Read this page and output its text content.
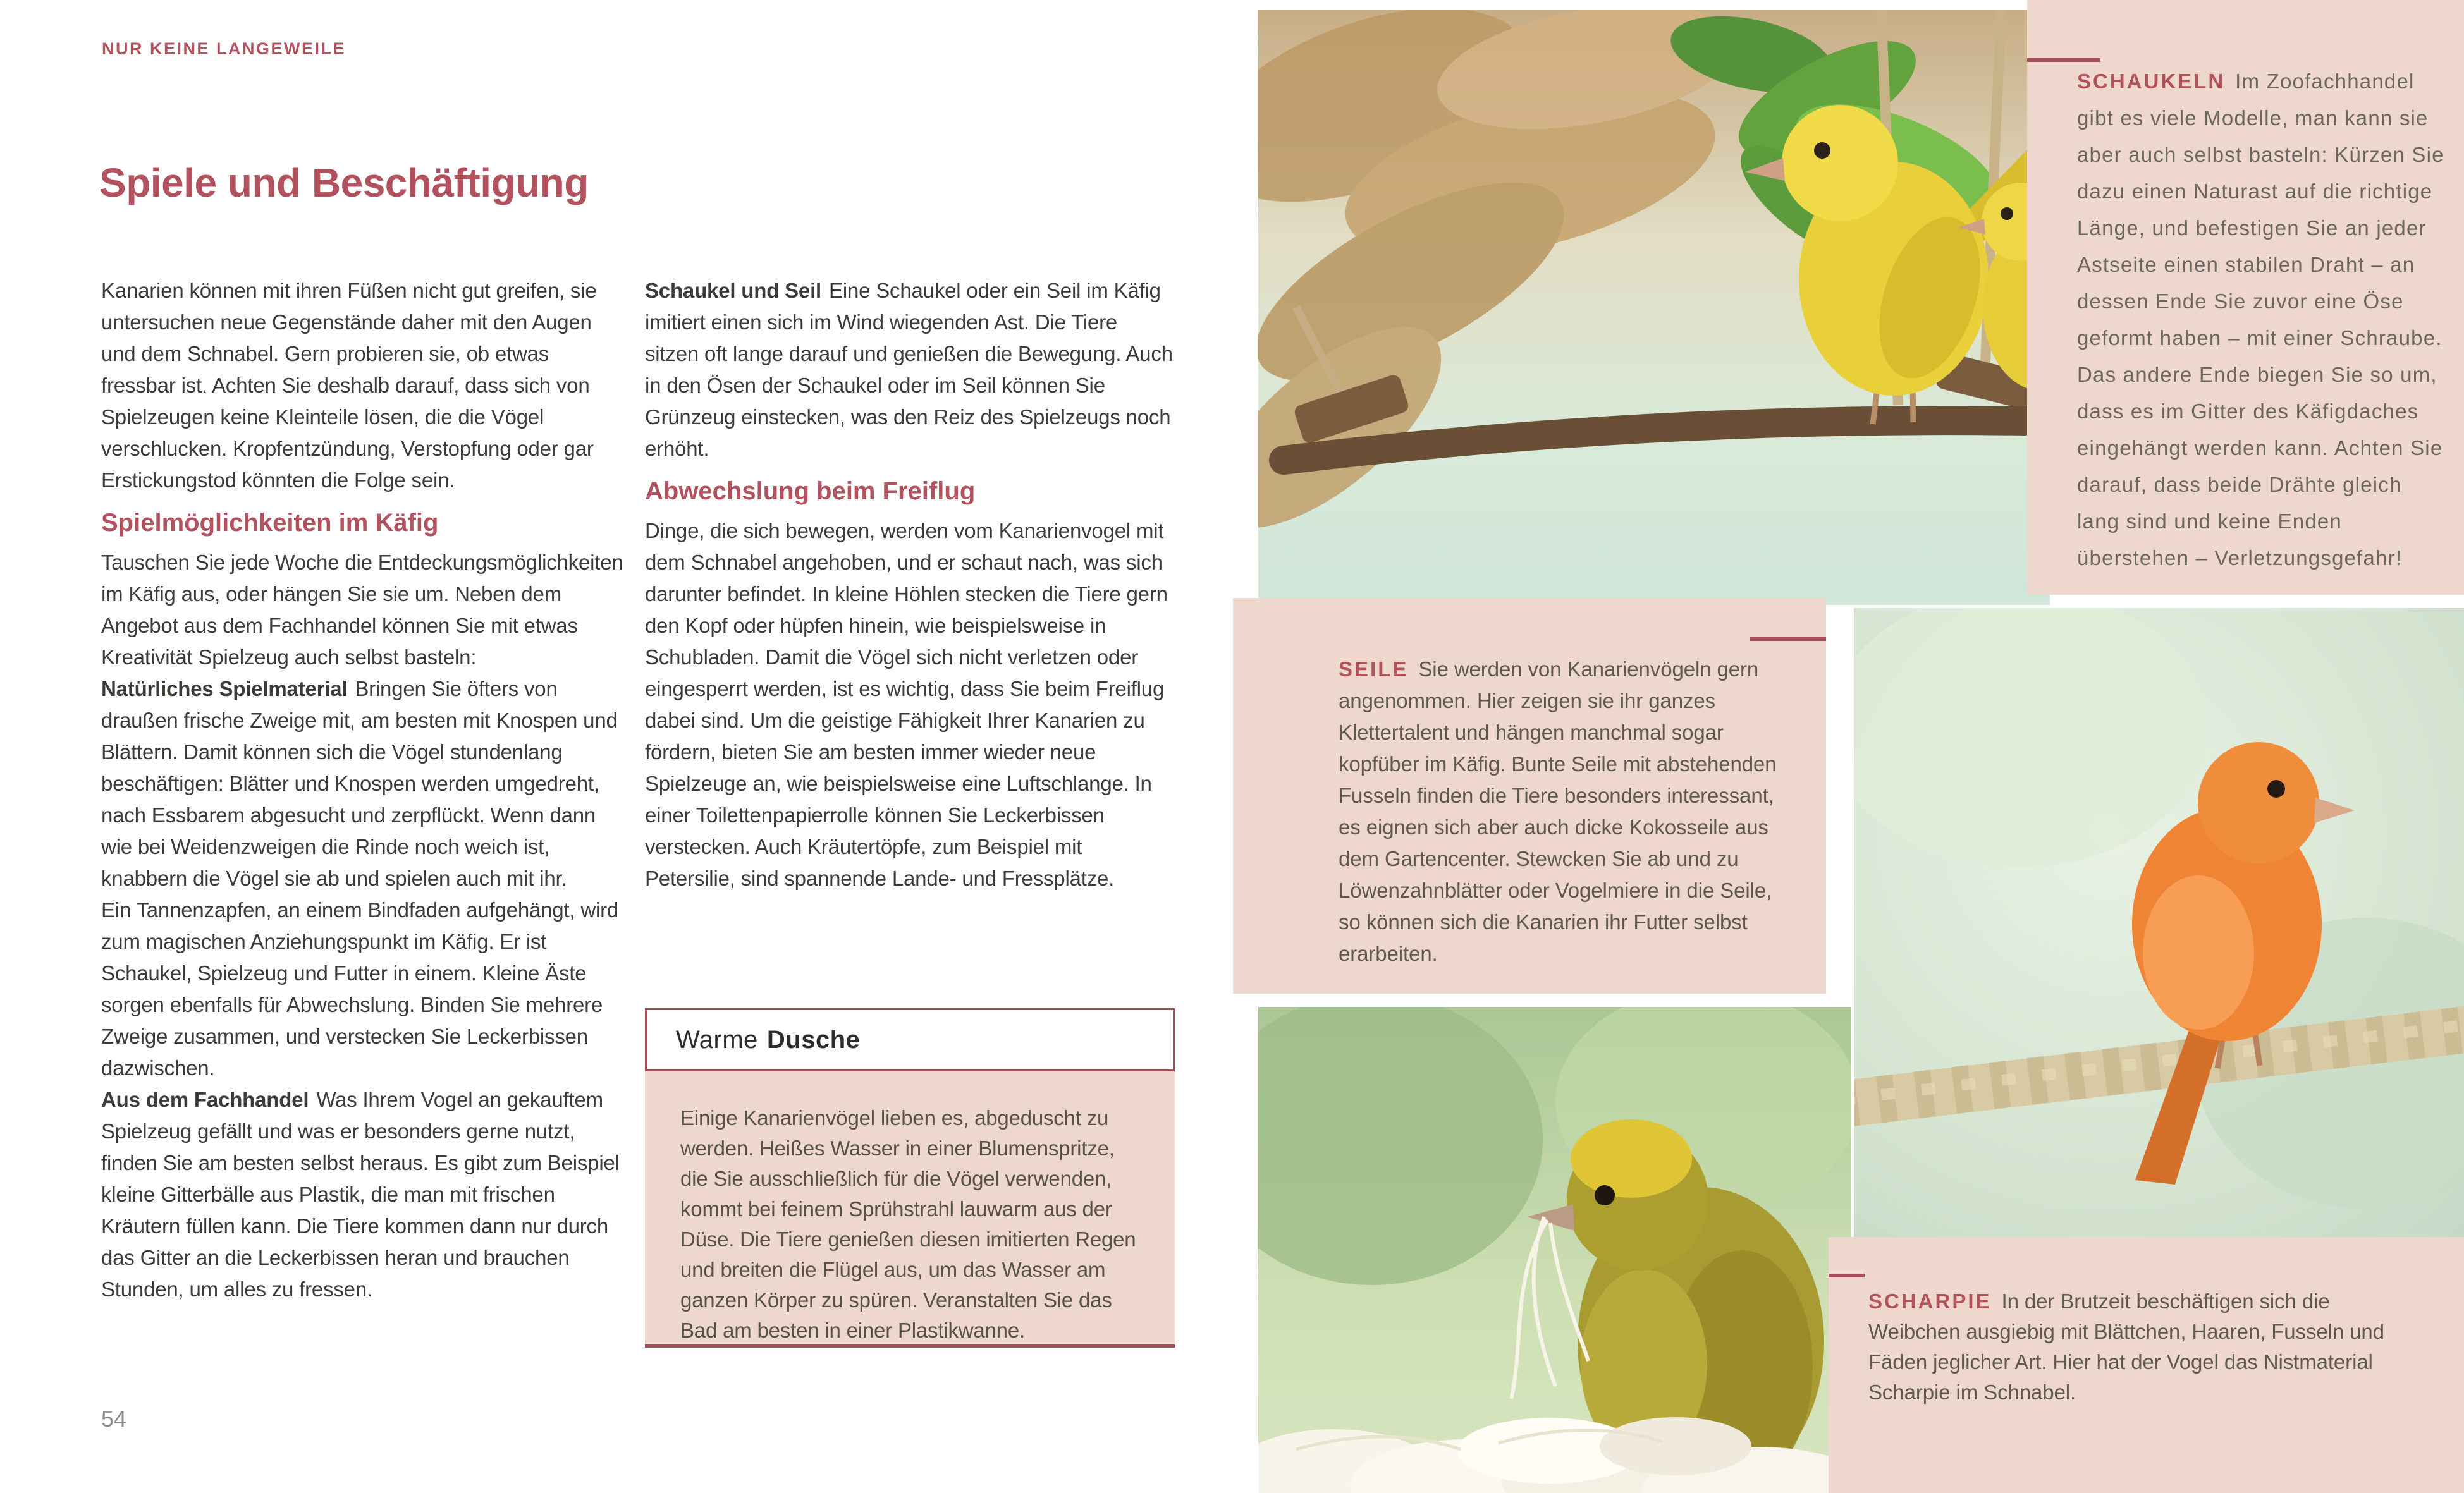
NUR KEINE LANGEWEILE
Spiele und Beschäftigung

Kanarien können mit ihren Füßen nicht gut greifen, sie untersuchen neue Gegenstände daher mit den Augen und dem Schnabel. Gern probieren sie, ob etwas fressbar ist. Achten Sie deshalb darauf, dass sich von Spielzeugen keine Kleinteile lösen, die die Vögel verschlucken. Kropfentzündung, Verstopfung oder gar Erstickungstod könnten die Folge sein.

Spielmöglichkeiten im Käfig

Tauschen Sie jede Woche die Entdeckungsmöglichkeiten im Käfig aus, oder hängen Sie sie um. Neben dem Angebot aus dem Fachhandel können Sie mit etwas Kreativität Spielzeug auch selbst basteln:

Natürliches Spielmaterial Bringen Sie öfters von draußen frische Zweige mit, am besten mit Knospen und Blättern. Damit können sich die Vögel stundenlang beschäftigen: Blätter und Knospen werden umgedreht, nach Essbarem abgesucht und zerpflückt. Wenn dann wie bei Weidenzweigen die Rinde noch weich ist, knabbern die Vögel sie ab und spielen auch mit ihr.

Ein Tannenzapfen, an einem Bindfaden aufgehängt, wird zum magischen Anziehungspunkt im Käfig. Er ist Schaukel, Spielzeug und Futter in einem. Kleine Äste sorgen ebenfalls für Abwechslung. Binden Sie mehrere Zweige zusammen, und verstecken Sie Leckerbissen dazwischen.

Aus dem Fachhandel Was Ihrem Vogel an gekauftem Spielzeug gefällt und was er besonders gerne nutzt, finden Sie am besten selbst heraus. Es gibt zum Beispiel kleine Gitterbälle aus Plastik, die man mit frischen Kräutern füllen kann. Die Tiere kommen dann nur durch das Gitter an die Leckerbissen heran und brauchen Stunden, um alles zu fressen.

Schaukel und Seil Eine Schaukel oder ein Seil im Käfig imitiert einen sich im Wind wiegenden Ast. Die Tiere sitzen oft lange darauf und genießen die Bewegung. Auch in den Ösen der Schaukel oder im Seil können Sie Grünzeug einstecken, was den Reiz des Spielzeugs noch erhöht.

Abwechslung beim Freiflug

Dinge, die sich bewegen, werden vom Kanarienvogel mit dem Schnabel angehoben, und er schaut nach, was sich darunter befindet. In kleine Höhlen stecken die Tiere gern den Kopf oder hüpfen hinein, wie beispielsweise in Schubladen. Damit die Vögel sich nicht verletzen oder eingesperrt werden, ist es wichtig, dass Sie beim Freiflug dabei sind. Um die geistige Fähigkeit Ihrer Kanarien zu fördern, bieten Sie am besten immer wieder neue Spielzeuge an, wie beispielsweise eine Luftschlange. In einer Toilettenpapierrolle können Sie Leckerbissen verstecken. Auch Kräutertöpfe, zum Beispiel mit Petersilie, sind spannende Lande- und Fressplätze.

Warme Dusche
Einige Kanarienvögel lieben es, abgeduscht zu werden. Heißes Wasser in einer Blumenspritze, die Sie ausschließlich für die Vögel verwenden, kommt bei feinem Sprühstrahl lauwarm aus der Düse. Die Tiere genießen diesen imitierten Regen und breiten die Flügel aus, um das Wasser am ganzen Körper zu spüren. Veranstalten Sie das Bad am besten in einer Plastikwanne.
54

SCHAUKELN Im Zoofachhandel gibt es viele Modelle, man kann sie aber auch selbst basteln: Kürzen Sie dazu einen Naturast auf die richtige Länge, und befestigen Sie an jeder Astseite einen stabilen Draht – an dessen Ende Sie zuvor eine Öse geformt haben – mit einer Schraube. Das andere Ende biegen Sie so um, dass es im Gitter des Käfigdaches eingehängt werden kann. Achten Sie darauf, dass beide Drähte gleich lang sind und keine Enden überstehen – Verletzungsgefahr!

SEILE Sie werden von Kanarienvögeln gern angenommen. Hier zeigen sie ihr ganzes Klettertalent und hängen manchmal sogar kopfüber im Käfig. Bunte Seile mit abstehenden Fusseln finden die Tiere besonders interessant, es eignen sich aber auch dicke Kokosseile aus dem Gartencenter. Stewcken Sie ab und zu Löwenzahnblätter oder Vogelmiere in die Seile, so können sich die Kanarien ihr Futter selbst erarbeiten.

SCHARPIE In der Brutzeit beschäftigen sich die Weibchen ausgiebig mit Blättchen, Haaren, Fusseln und Fäden jeglicher Art. Hier hat der Vogel das Nistmaterial Scharpie im Schnabel.
